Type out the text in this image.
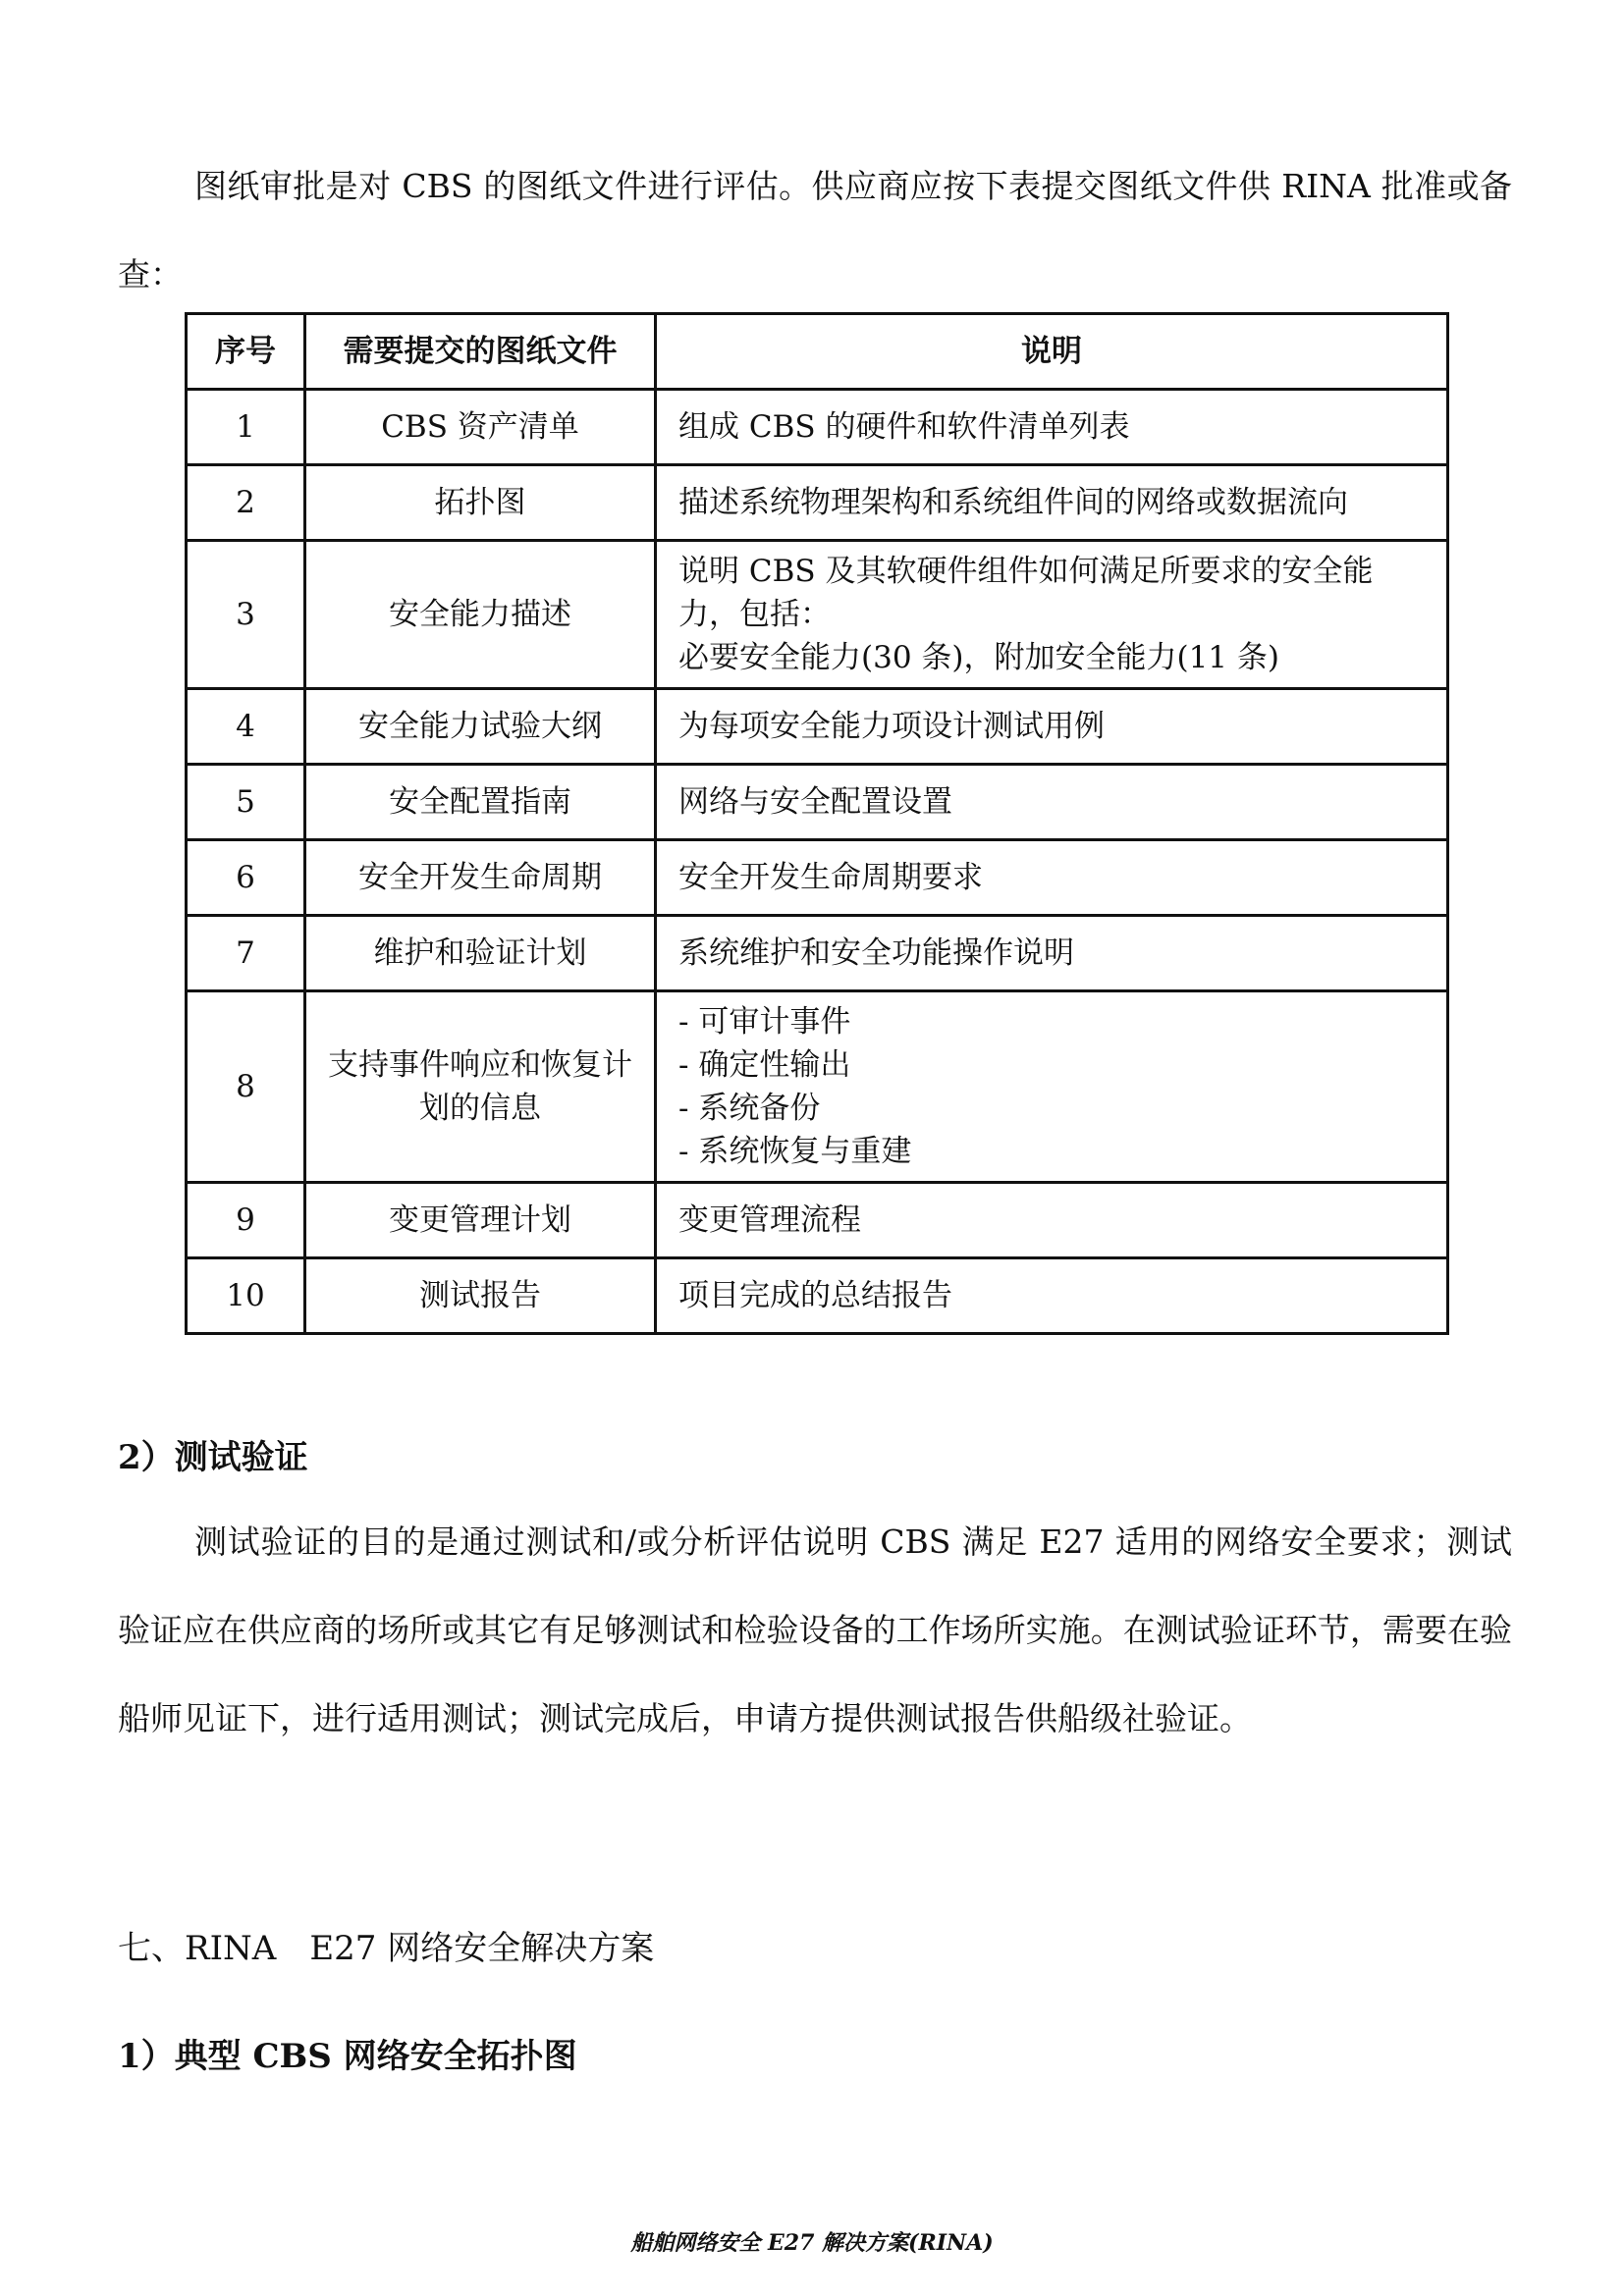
图纸审批是对 CBS 的图纸文件进行评估。供应商应按下表提交图纸文件供 RINA 批准或备查：

序号	需要提交的图纸文件	说明
1	CBS 资产清单	组成 CBS 的硬件和软件清单列表

2	拓扑图	描述系统物理架构和系统组件间的网络或数据流向

3	安全能力描述	说明 CBS 及其软硬件组件如何满足所要求的安全能力，包括：
必要安全能力(30 条)，附加安全能力(11 条)

4	安全能力试验大纲	为每项安全能力项设计测试用例

5	安全配置指南	网络与安全配置设置

6	安全开发生命周期	安全开发生命周期要求

7	维护和验证计划	系统维护和安全功能操作说明

8	支持事件响应和恢复计划的信息	- 可审计事件
- 确定性输出
- 系统备份
- 系统恢复与重建

9	变更管理计划	变更管理流程

10	测试报告	项目完成的总结报告
2）测试验证

测试验证的目的是通过测试和/或分析评估说明 CBS 满足 E27 适用的网络安全要求；测试验证应在供应商的场所或其它有足够测试和检验设备的工作场所实施。在测试验证环节，需要在验船师见证下，进行适用测试；测试完成后，申请方提供测试报告供船级社验证。

七、RINA　E27 网络安全解决方案
1）典型 CBS 网络安全拓扑图

船舶网络安全 E27 解决方案(RINA)
